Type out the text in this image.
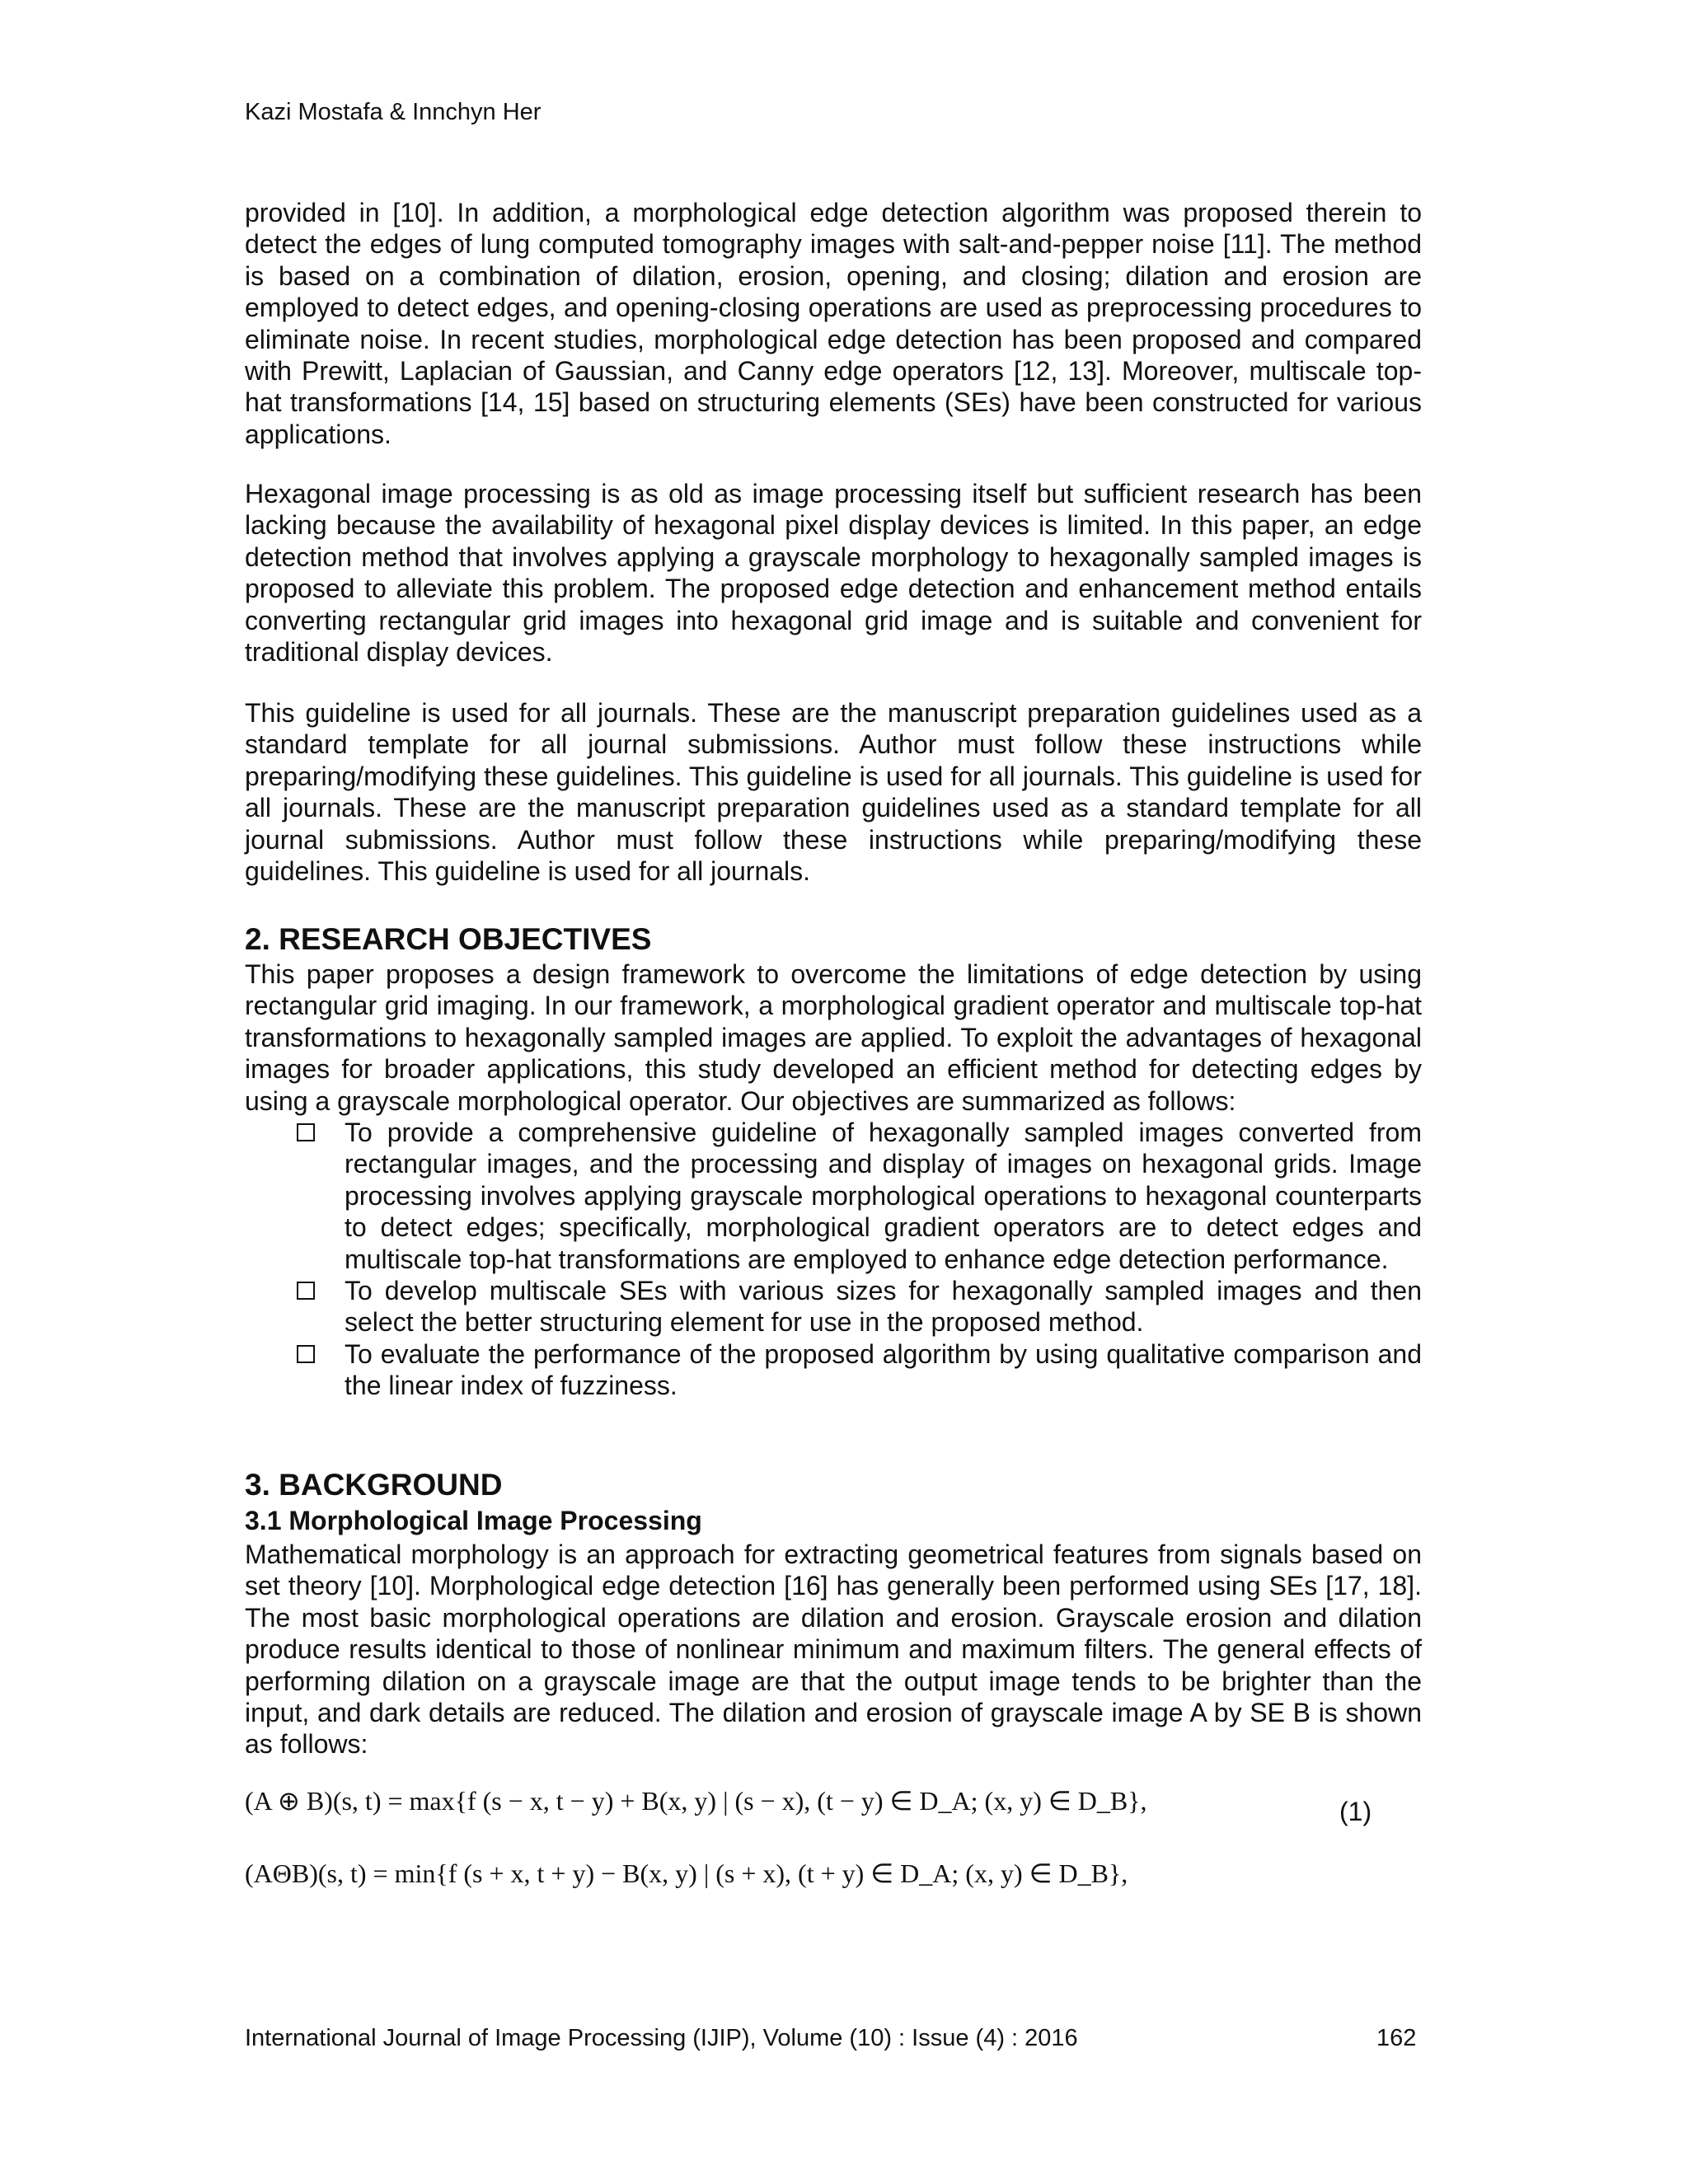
Kazi Mostafa & Innchyn Her

provided in [10]. In addition, a morphological edge detection algorithm was proposed therein to detect the edges of lung computed tomography images with salt-and-pepper noise [11]. The method is based on a combination of dilation, erosion, opening, and closing; dilation and erosion are employed to detect edges, and opening-closing operations are used as preprocessing procedures to eliminate noise. In recent studies, morphological edge detection has been proposed and compared with Prewitt, Laplacian of Gaussian, and Canny edge operators [12, 13]. Moreover, multiscale top-hat transformations [14, 15] based on structuring elements (SEs) have been constructed for various applications.

Hexagonal image processing is as old as image processing itself but sufficient research has been lacking because the availability of hexagonal pixel display devices is limited. In this paper, an edge detection method that involves applying a grayscale morphology to hexagonally sampled images is proposed to alleviate this problem. The proposed edge detection and enhancement method entails converting rectangular grid images into hexagonal grid image and is suitable and convenient for traditional display devices.

This guideline is used for all journals. These are the manuscript preparation guidelines used as a standard template for all journal submissions. Author must follow these instructions while preparing/modifying these guidelines. This guideline is used for all journals. This guideline is used for all journals. These are the manuscript preparation guidelines used as a standard template for all journal submissions. Author must follow these instructions while preparing/modifying these guidelines. This guideline is used for all journals.

2. RESEARCH OBJECTIVES

This paper proposes a design framework to overcome the limitations of edge detection by using rectangular grid imaging. In our framework, a morphological gradient operator and multiscale top-hat transformations to hexagonally sampled images are applied. To exploit the advantages of hexagonal images for broader applications, this study developed an efficient method for detecting edges by using a grayscale morphological operator. Our objectives are summarized as follows:

To provide a comprehensive guideline of hexagonally sampled images converted from rectangular images, and the processing and display of images on hexagonal grids. Image processing involves applying grayscale morphological operations to hexagonal counterparts to detect edges; specifically, morphological gradient operators are to detect edges and multiscale top-hat transformations are employed to enhance edge detection performance.
To develop multiscale SEs with various sizes for hexagonally sampled images and then select the better structuring element for use in the proposed method.
To evaluate the performance of the proposed algorithm by using qualitative comparison and the linear index of fuzziness.
3. BACKGROUND
3.1 Morphological Image Processing

Mathematical morphology is an approach for extracting geometrical features from signals based on set theory [10]. Morphological edge detection [16] has generally been performed using SEs [17, 18]. The most basic morphological operations are dilation and erosion. Grayscale erosion and dilation produce results identical to those of nonlinear minimum and maximum filters. The general effects of performing dilation on a grayscale image are that the output image tends to be brighter than the input, and dark details are reduced. The dilation and erosion of grayscale image A by SE B is shown as follows:

(A ⊕ B)(s, t) = max{f (s − x, t − y) + B(x, y) | (s − x), (t − y) ∈ D_A; (x, y) ∈ D_B},	(1)
(AΘB)(s, t) = min{f (s + x, t + y) − B(x, y) | (s + x), (t + y) ∈ D_A; (x, y) ∈ D_B},
International Journal of Image Processing (IJIP), Volume (10) : Issue (4) : 2016	162
